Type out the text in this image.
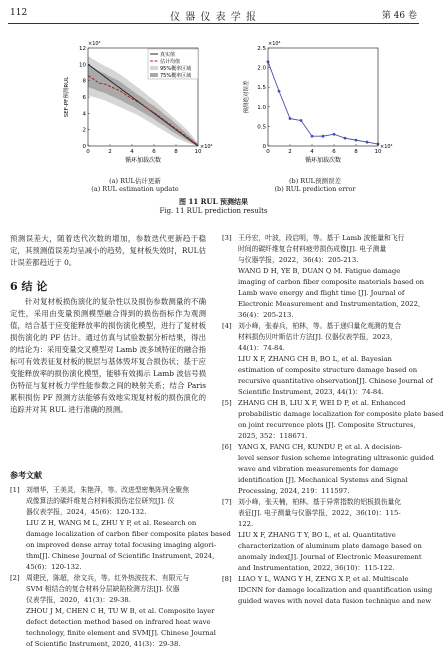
112	仪 器 仪 表 学 报	第 46 卷
0	2	4	6	8	10
0
2
4
6
8
10
12
×10⁴
×10⁴
循环加载次数
SEF-PF预测RUL
真实值
估计均值
95%概率区域
75%概率区域
(a) RUL估计更新
(a) RUL estimation update
0	2	4	6	8	10
0
0.5
1.0
1.5
2.0
2.5
×10⁴
×10⁴
循环加载次数
预测绝对误差
(b) RUL预测误差
(b) RUL prediction error
图 11 RUL 预测结果
Fig. 11 RUL prediction results
预测误差大，随着迭代次数的增加，参数迭代更新趋于稳定，其预测值误差均呈减小的趋势，复材板失效时，RUL估计误差都趋近于 0。
6 结 论
针对复材板损伤演化的复杂性以及损伤参数测量的不确定性，采用由变量预测模型融合得到的损伤指标作为观测值，结合基于应变能释放率的损伤演化模型，进行了复材板损伤演化的 PF 估计。通过仿真与试验数据分析结果，得出的结论为：采用变量交叉模型对 Lamb 波多域特征的融合指标可有效表征复材板的脱层与基体毁坏复合损伤状；基于应变能释放率的损伤演化模型，能够有效揭示 Lamb 波信号损伤特征与复材板力学性能参数之间的映射关系；结合 Paris 累积损伤 PF 预测方法能够有效地实现复材板的损伤演化的追踪并对其 RUL 进行准确的预测。
参考文献
[1] 刘增华，王美灵，朱艳萍，等。改进型密集阵列全聚焦
成像算法的碳纤维复合材料板损伤定位研究[J]. 仪
器仪表学报，2024，45(6)：120-132.
LIU Z H, WANG M L, ZHU Y P, et al. Research on
damage localization of carbon fiber composite plates based
on improved dense array total focusing imaging algori-
thm[J]. Chinese Journal of Scientific Instrument, 2024,
45(6)：120-132.
[2] 周建民，陈超，徐文兵，等。红外热波技术、有限元与
SVM 相结合的复合材料分层缺陷检测方法[J]. 仪器
仪表学报，2020，41(3)：29-38.
ZHOU J M, CHEN C H, TU W B, et al. Composite layer
defect detection method based on infrared heat wave
technology, finite element and SVM[J]. Chinese Journal
of Scientific Instrument, 2020, 41(3)：29-38.
[3] 王丹宏，叶波，段启明，等。基于 Lamb 波能量和飞行
时间的碳纤维复合材料疲劳损伤成像[J]. 电子测量
与仪器学报，2022，36(4)：205-213.
WANG D H, YE B, DUAN Q M. Fatigue damage
imaging of carbon fiber composite materials based on
Lamb wave energy and flight time [J]. Journal of
Electronic Measurement and Instrumentation, 2022,
36(4)：205-213.
[4] 刘小峰，张春兵，柏林，等。基于递归量化观测的复合
材料损伤贝叶斯估计方法[J]. 仪器仪表学报，2023，
44(1)：74-84.
LIU X F, ZHANG CH B, BO L, et al. Bayesian
estimation of composite structure damage based on
recursive quantitative observation[J]. Chinese Journal of
Scientific Instrument, 2023, 44(1)：74-84.
[5] ZHANG CH B, LIU X F, WEI D P, et al. Enhanced
probabilistic damage localization for composite plate based
on joint recurrence plots [J]. Composite Structures,
2025, 352：118671.
[6] YANG X, FANG CH, KUNDU P, et al. A decision-
level sensor fusion scheme integrating ultrasonic guided
wave and vibration measurements for damage
identification [J]. Mechanical Systems and Signal
Processing, 2024, 219：111597.
[7] 刘小峰，张天楠，柏林。基于异常指数的铝板损伤量化
表征[J]. 电子测量与仪器学报，2022，36(10)：115-
122.
LIU X F, ZHANG T Y, BO L, et al. Quantitative
characterization of aluminum plate damage based on
anomaly index[J]. Journal of Electronic Measurement
and Instrumentation, 2022, 36(10)：115-122.
[8] LIAO Y L, WANG Y H, ZENG X P, et al. Multiscale
IDCNN for damage localization and quantification using
guided waves with novel data fusion technique and new
